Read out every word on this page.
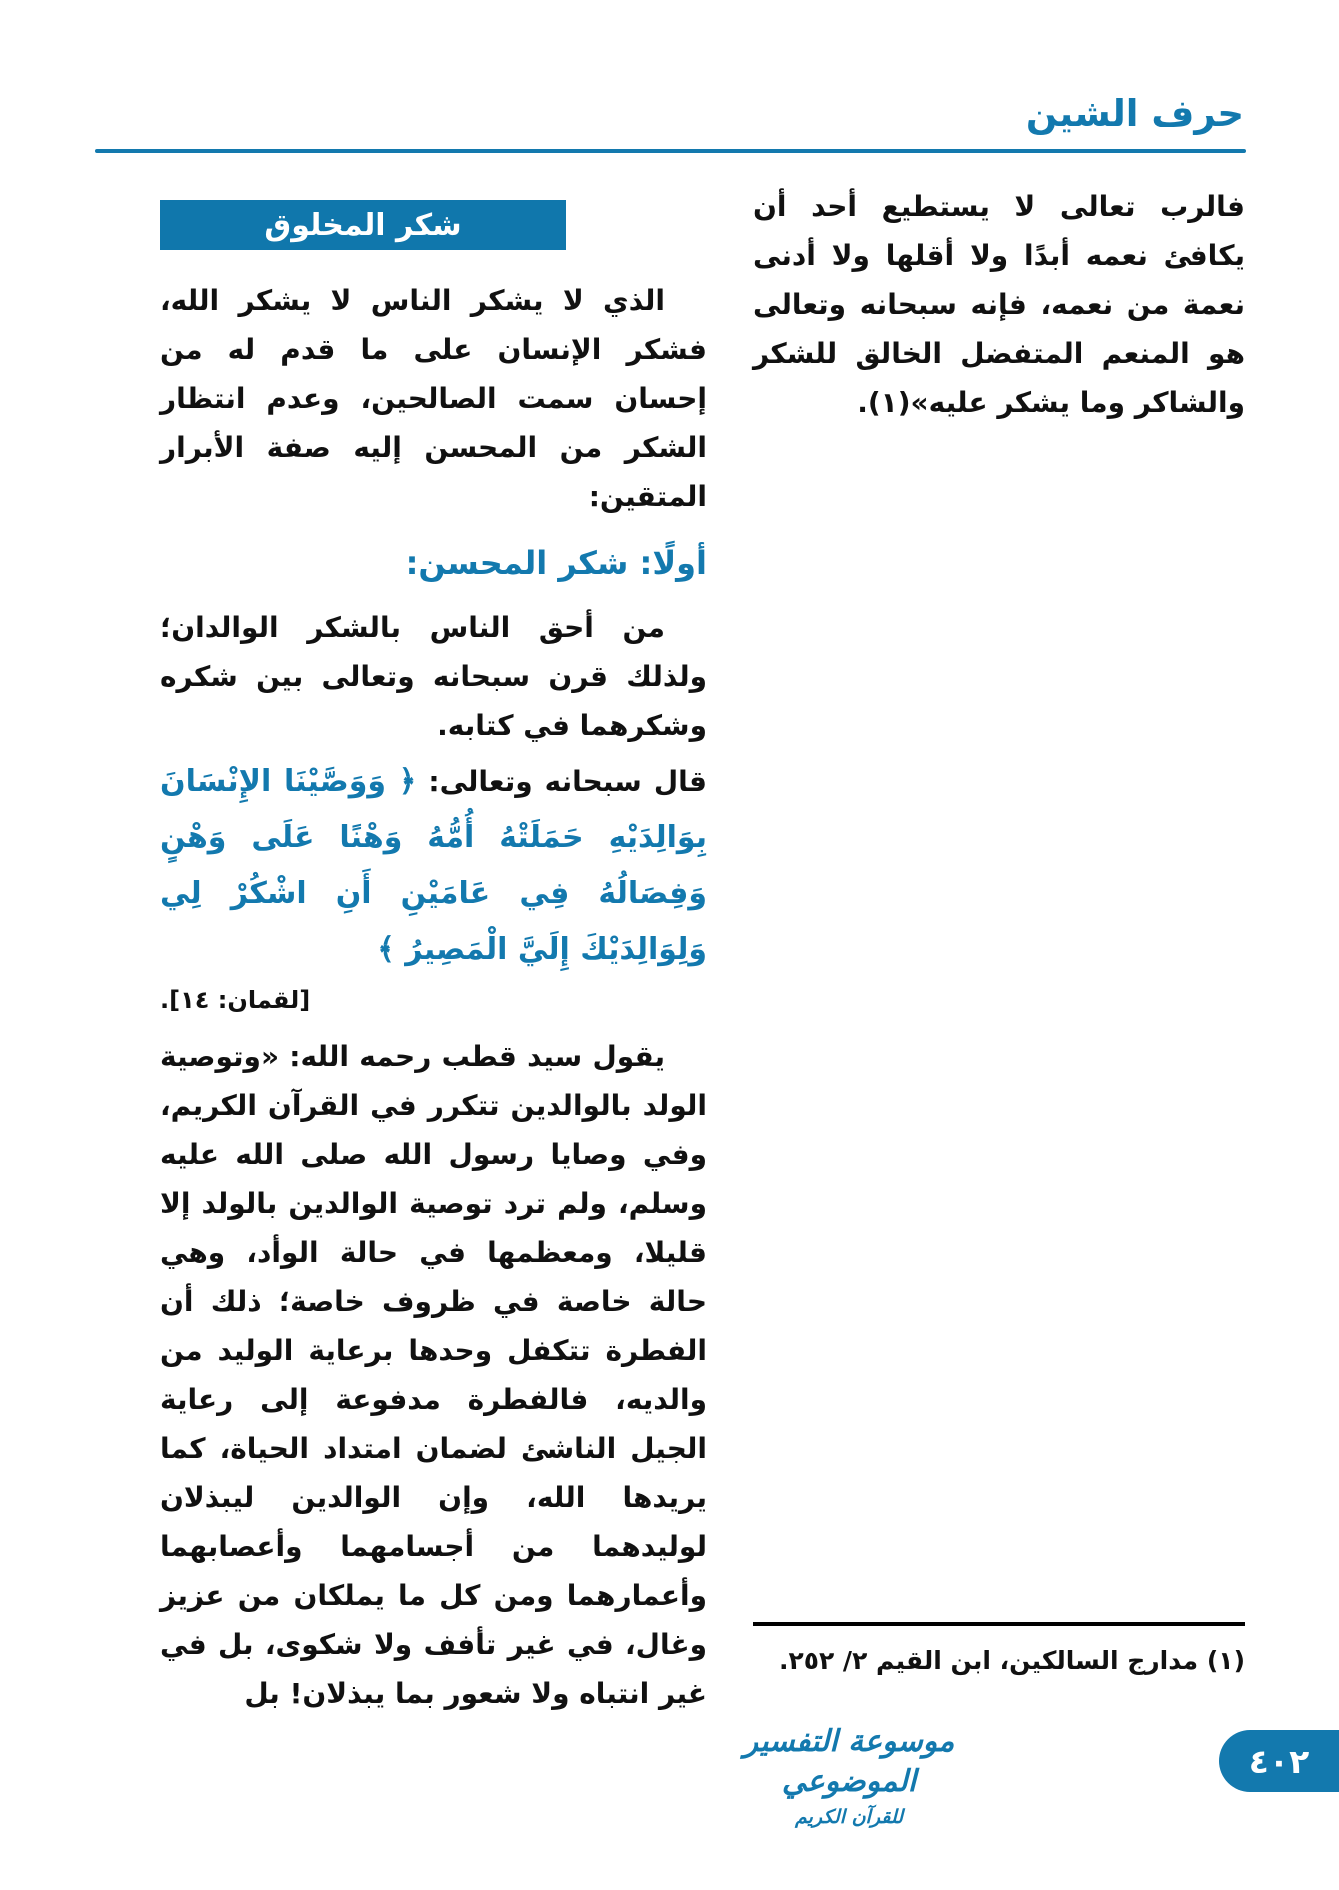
حرف الشين

فالرب تعالى لا يستطيع أحد أن يكافئ نعمه أبدًا ولا أقلها ولا أدنى نعمة من نعمه، فإنه سبحانه وتعالى هو المنعم المتفضل الخالق للشكر والشاكر وما يشكر عليه»(١).

شكر المخلوق

الذي لا يشكر الناس لا يشكر الله، فشكر الإنسان على ما قدم له من إحسان سمت الصالحين، وعدم انتظار الشكر من المحسن إليه صفة الأبرار المتقين:

أولًا: شكر المحسن:

من أحق الناس بالشكر الوالدان؛ ولذلك قرن سبحانه وتعالى بين شكره وشكرهما في كتابه.

قال سبحانه وتعالى: ﴿ وَوَصَّيْنَا الإِنْسَانَ بِوَالِدَيْهِ حَمَلَتْهُ أُمُّهُ وَهْنًا عَلَى وَهْنٍ وَفِصَالُهُ فِي عَامَيْنِ أَنِ اشْكُرْ لِي وَلِوَالِدَيْكَ إِلَيَّ الْمَصِيرُ ﴾

[لقمان: ١٤].

يقول سيد قطب رحمه الله: «وتوصية الولد بالوالدين تتكرر في القرآن الكريم، وفي وصايا رسول الله صلى الله عليه وسلم، ولم ترد توصية الوالدين بالولد إلا قليلا، ومعظمها في حالة الوأد، وهي حالة خاصة في ظروف خاصة؛ ذلك أن الفطرة تتكفل وحدها برعاية الوليد من والديه، فالفطرة مدفوعة إلى رعاية الجيل الناشئ لضمان امتداد الحياة، كما يريدها الله، وإن الوالدين ليبذلان لوليدهما من أجسامهما وأعصابهما وأعمارهما ومن كل ما يملكان من عزيز وغال، في غير تأفف ولا شكوى، بل في غير انتباه ولا شعور بما يبذلان! بل

(١) مدارج السالكين، ابن القيم ٢/ ٢٥٢.
موسوعة التفسير الموضوعي
للقرآن الكريم
٤٠٢
